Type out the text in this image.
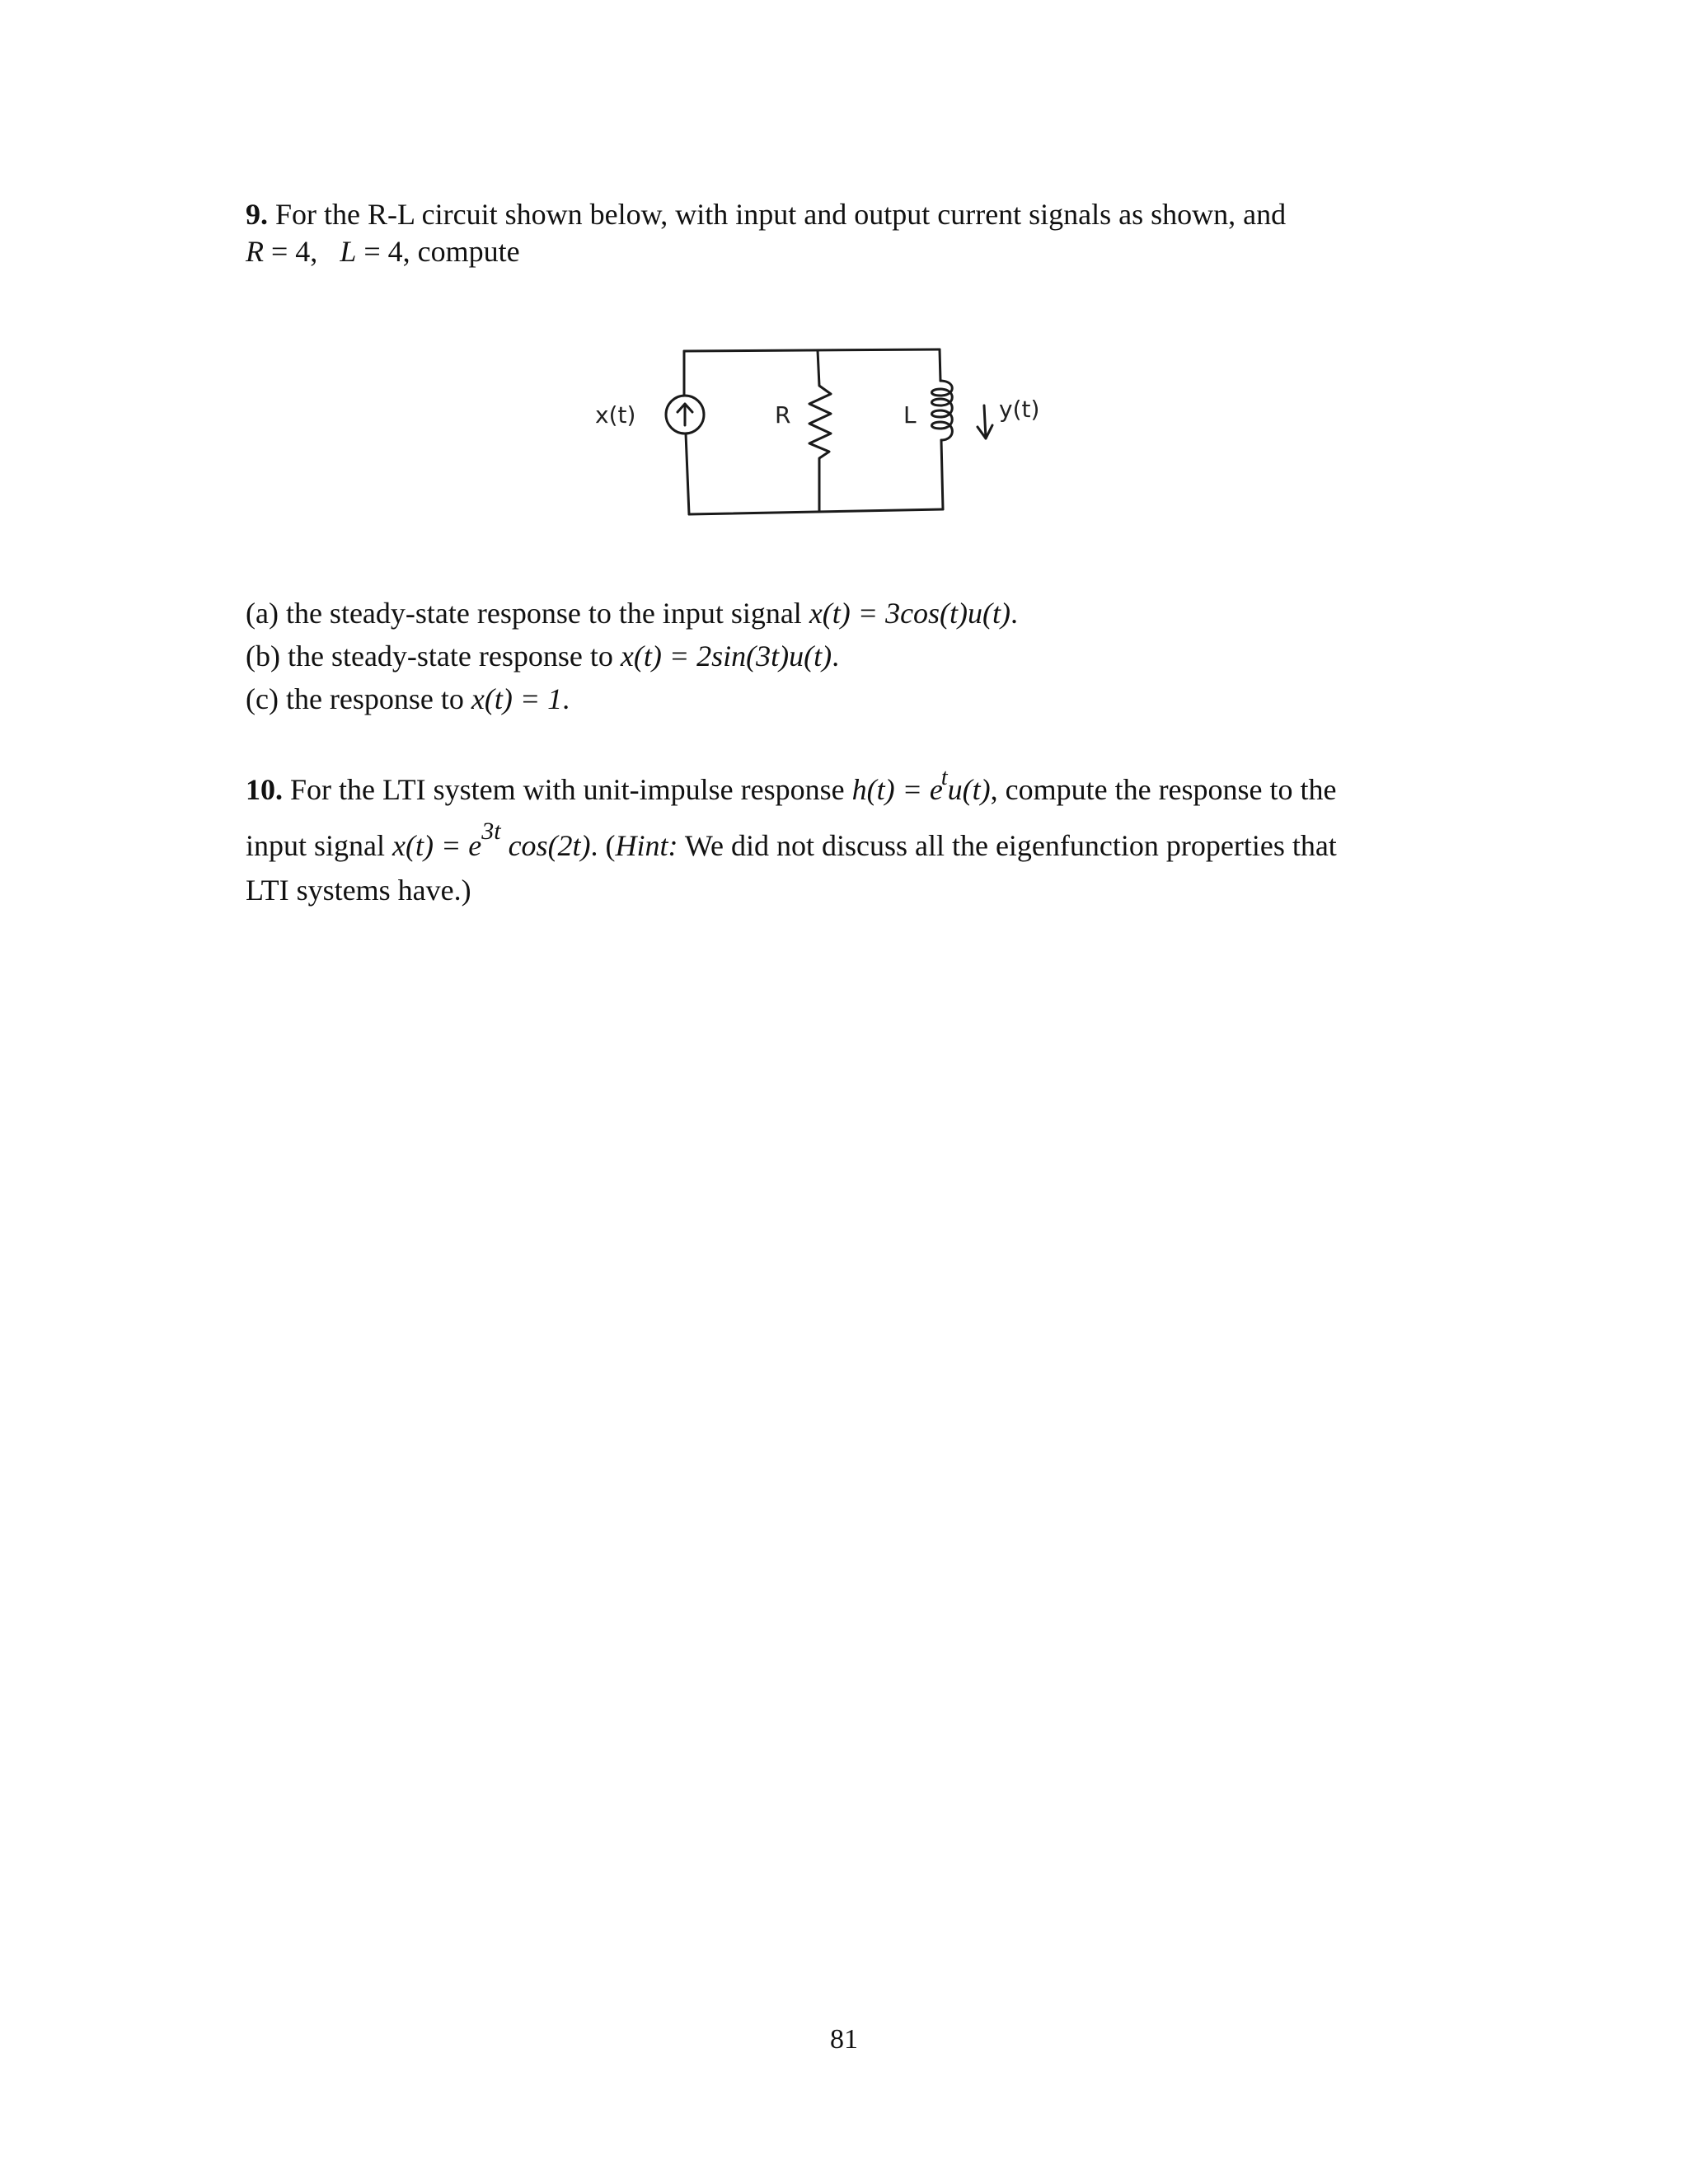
9. For the R-L circuit shown below, with input and output current signals as shown, and
R = 4, L = 4, compute
x(t)	R	L	y(t)
(a) the steady-state response to the input signal x(t) = 3cos(t)u(t).
(b) the steady-state response to x(t) = 2sin(3t)u(t).
(c) the response to x(t) = 1.
10. For the LTI system with unit-impulse response $h(t) = e^tu(t)$, compute the response to the
input signal $x(t) = e^{3t}$ cos(2t). (Hint: We did not discuss all the eigenfunction properties that
LTI systems have.)
81
